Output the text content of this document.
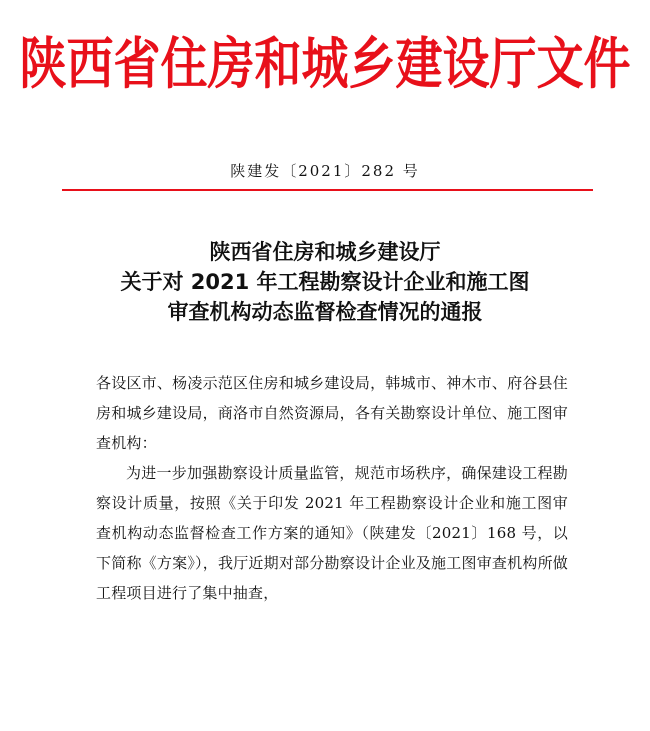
陕西省住房和城乡建设厅文件
陕建发〔2021〕282 号
陕西省住房和城乡建设厅
关于对 2021 年工程勘察设计企业和施工图
审查机构动态监督检查情况的通报

各设区市、杨凌示范区住房和城乡建设局，韩城市、神木市、府谷县住房和城乡建设局，商洛市自然资源局，各有关勘察设计单位、施工图审查机构：

为进一步加强勘察设计质量监管，规范市场秩序，确保建设工程勘察设计质量，按照《关于印发 2021 年工程勘察设计企业和施工图审查机构动态监督检查工作方案的通知》（陕建发〔2021〕168 号，以下简称《方案》），我厅近期对部分勘察设计企业及施工图审查机构所做工程项目进行了集中抽查，
